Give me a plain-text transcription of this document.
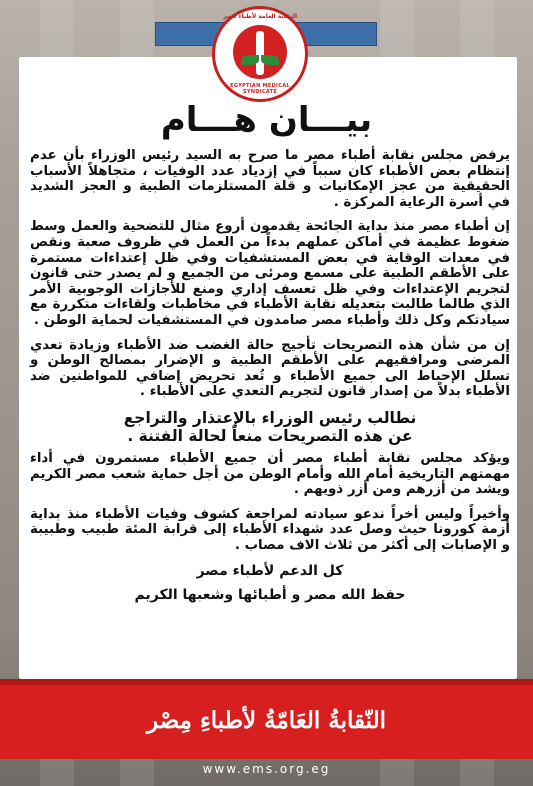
النقابة العامة لأطباء مصر
EGYPTIAN MEDICAL SYNDICATE
بيـــان هـــام

يرفض مجلس نقابة أطباء مصر ما صرح به السيد رئيس الوزراء بأن عدم إنتظام بعض الأطباء كان سبباً في إزدياد عدد الوفيات ، متجاهلاً الأسباب الحقيقية من عجز الإمكانيات و قلة المستلزمات الطبية و العجز الشديد في أسرة الرعاية المركزة .

إن أطباء مصر منذ بداية الجائحة يقدمون أروع مثال للتضحية والعمل وسط ضغوط عظيمة في أماكن عملهم بدءاً من العمل في ظروف صعبة ونقص في معدات الوقاية في بعض المستشفيات وفي ظل إعتداءات مستمرة على الأطقم الطبية على مسمع ومرئى من الجميع و لم يصدر حتى قانون لتجريم الإعتداءات وفي ظل تعسف إداري ومنع للأجازات الوجوبية الأمر الذي طالما طالبت بتعديله نقابة الأطباء في مخاطبات ولقاءات متكررة مع سيادتكم وكل ذلك وأطباء مصر صامدون في المستشفيات لحماية الوطن .

إن من شأن هذه التصريحات تأجيج حالة الغضب ضد الأطباء وزيادة تعدي المرضى ومرافقيهم على الأطقم الطبية و الإضرار بمصالح الوطن و تسلل الإحباط الى جميع الأطباء و تُعد تحريض إضافي للمواطنين ضد الأطباء بدلاً من إصدار قانون لتجريم التعدي على الأطباء .

نطالب رئيس الوزراء بالإعتذار والتراجع

عن هذه التصريحات منعاً لحالة الفتنة .

ويؤكد مجلس نقابة أطباء مصر أن جميع الأطباء مستمرون في أداء مهمتهم التاريخية أمام الله وأمام الوطن من أجل حماية شعب مصر الكريم ويشد من أزرهم ومن أزر ذويهم .

وأخيراً وليس أخراً ندعو سيادته لمراجعة كشوف وفيات الأطباء منذ بداية أزمة كورونا حيث وصل عدد شهداء الأطباء إلى قرابة المئة طبيب وطبيبة و الإصابات إلى أكثر من ثلاث الاف مصاب .

كل الدعم لأطباء مصر

حفظ الله مصر و أطبائها وشعبها الكريم

النّقابةُ العَامّةُ لأطباءِ مِصْر
www.ems.org.eg
